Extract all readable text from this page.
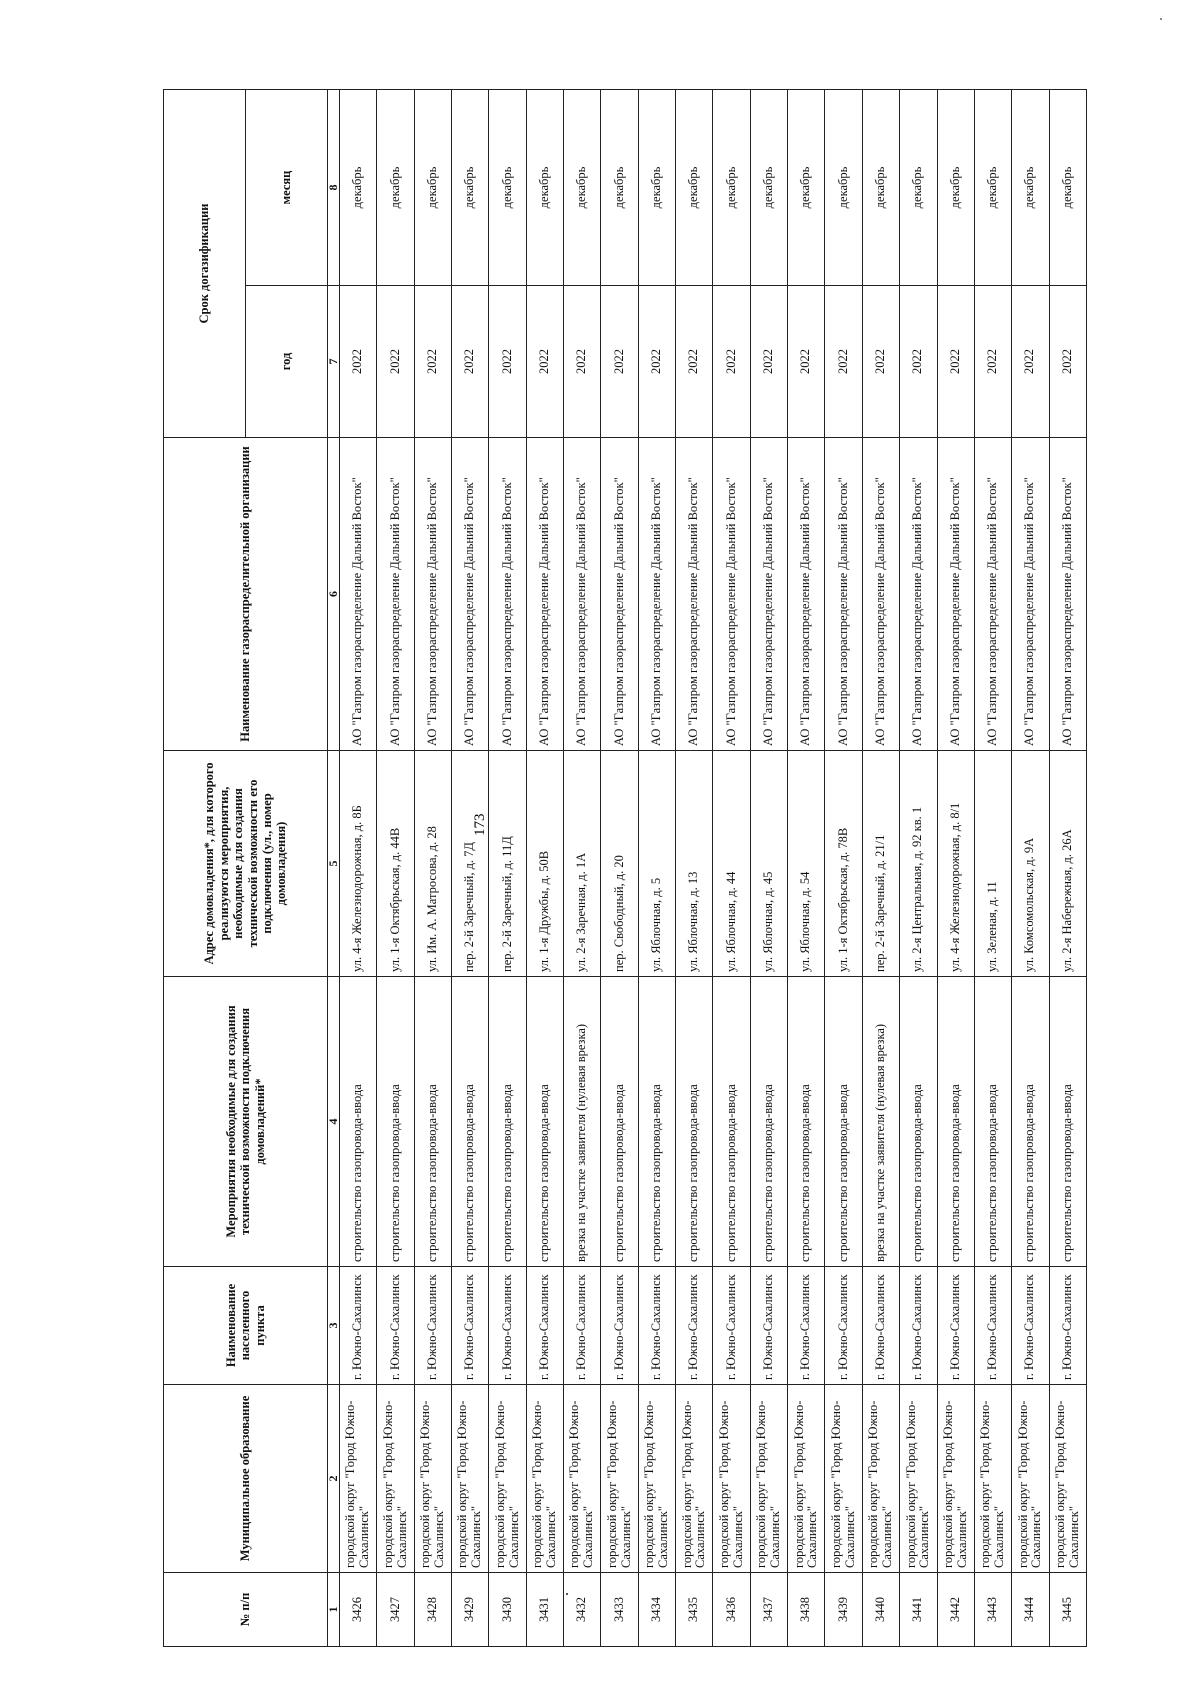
173
№ п/п	Муниципальное образование	Наименование населенного пункта	Мероприятия необходимые для создания технической возможности подключения домовладений*	Адрес домовладения*, для которого реализуются мероприятия, необходимые для создания технической возможности его подключения (ул., номер домовладения)	Наименование газораспределительной организации	Срок догазификации	
						год	месяц
1	2	3	4	5	6	7	8
3426	городской округ "Город Южно-Сахалинск"	г. Южно-Сахалинск	строительство газопровода-ввода	ул. 4-я Железнодорожная, д. 8Б	АО "Газпром газораспределение Дальний Восток"	2022	декабрь
3427	городской округ "Город Южно-Сахалинск"	г. Южно-Сахалинск	строительство газопровода-ввода	ул. 1-я Октябрьская, д. 44В	АО "Газпром газораспределение Дальний Восток"	2022	декабрь
3428	городской округ "Город Южно-Сахалинск"	г. Южно-Сахалинск	строительство газопровода-ввода	ул. Им. А. Матросова, д. 28	АО "Газпром газораспределение Дальний Восток"	2022	декабрь
3429	городской округ "Город Южно-Сахалинск"	г. Южно-Сахалинск	строительство газопровода-ввода	пер. 2-й Заречный, д. 7Д	АО "Газпром газораспределение Дальний Восток"	2022	декабрь
3430	городской округ "Город Южно-Сахалинск"	г. Южно-Сахалинск	строительство газопровода-ввода	пер. 2-й Заречный, д. 11Д	АО "Газпром газораспределение Дальний Восток"	2022	декабрь
3431	городской округ "Город Южно-Сахалинск"	г. Южно-Сахалинск	строительство газопровода-ввода	ул. 1-я Дружбы, д. 50В	АО "Газпром газораспределение Дальний Восток"	2022	декабрь
3432	городской округ "Город Южно-Сахалинск"	г. Южно-Сахалинск	врезка на участке заявителя (нулевая врезка)	ул. 2-я Заречная, д. 1А	АО "Газпром газораспределение Дальний Восток"	2022	декабрь
3433	городской округ "Город Южно-Сахалинск"	г. Южно-Сахалинск	строительство газопровода-ввода	пер. Свободный, д. 20	АО "Газпром газораспределение Дальний Восток"	2022	декабрь
3434	городской округ "Город Южно-Сахалинск"	г. Южно-Сахалинск	строительство газопровода-ввода	ул. Яблочная, д. 5	АО "Газпром газораспределение Дальний Восток"	2022	декабрь
3435	городской округ "Город Южно-Сахалинск"	г. Южно-Сахалинск	строительство газопровода-ввода	ул. Яблочная, д. 13	АО "Газпром газораспределение Дальний Восток"	2022	декабрь
3436	городской округ "Город Южно-Сахалинск"	г. Южно-Сахалинск	строительство газопровода-ввода	ул. Яблочная, д. 44	АО "Газпром газораспределение Дальний Восток"	2022	декабрь
3437	городской округ "Город Южно-Сахалинск"	г. Южно-Сахалинск	строительство газопровода-ввода	ул. Яблочная, д. 45	АО "Газпром газораспределение Дальний Восток"	2022	декабрь
3438	городской округ "Город Южно-Сахалинск"	г. Южно-Сахалинск	строительство газопровода-ввода	ул. Яблочная, д. 54	АО "Газпром газораспределение Дальний Восток"	2022	декабрь
3439	городской округ "Город Южно-Сахалинск"	г. Южно-Сахалинск	строительство газопровода-ввода	ул. 1-я Октябрьская, д. 78В	АО "Газпром газораспределение Дальний Восток"	2022	декабрь
3440	городской округ "Город Южно-Сахалинск"	г. Южно-Сахалинск	врезка на участке заявителя (нулевая врезка)	пер. 2-й Заречный, д. 21/1	АО "Газпром газораспределение Дальний Восток"	2022	декабрь
3441	городской округ "Город Южно-Сахалинск"	г. Южно-Сахалинск	строительство газопровода-ввода	ул. 2-я Центральная, д. 92 кв. 1	АО "Газпром газораспределение Дальний Восток"	2022	декабрь
3442	городской округ "Город Южно-Сахалинск"	г. Южно-Сахалинск	строительство газопровода-ввода	ул. 4-я Железнодорожная, д. 8/1	АО "Газпром газораспределение Дальний Восток"	2022	декабрь
3443	городской округ "Город Южно-Сахалинск"	г. Южно-Сахалинск	строительство газопровода-ввода	ул. Зеленая, д. 11	АО "Газпром газораспределение Дальний Восток"	2022	декабрь
3444	городской округ "Город Южно-Сахалинск"	г. Южно-Сахалинск	строительство газопровода-ввода	ул. Комсомольская, д. 9А	АО "Газпром газораспределение Дальний Восток"	2022	декабрь
3445	городской округ "Город Южно-Сахалинск"	г. Южно-Сахалинск	строительство газопровода-ввода	ул. 2-я Набережная, д. 26А	АО "Газпром газораспределение Дальний Восток"	2022	декабрь
